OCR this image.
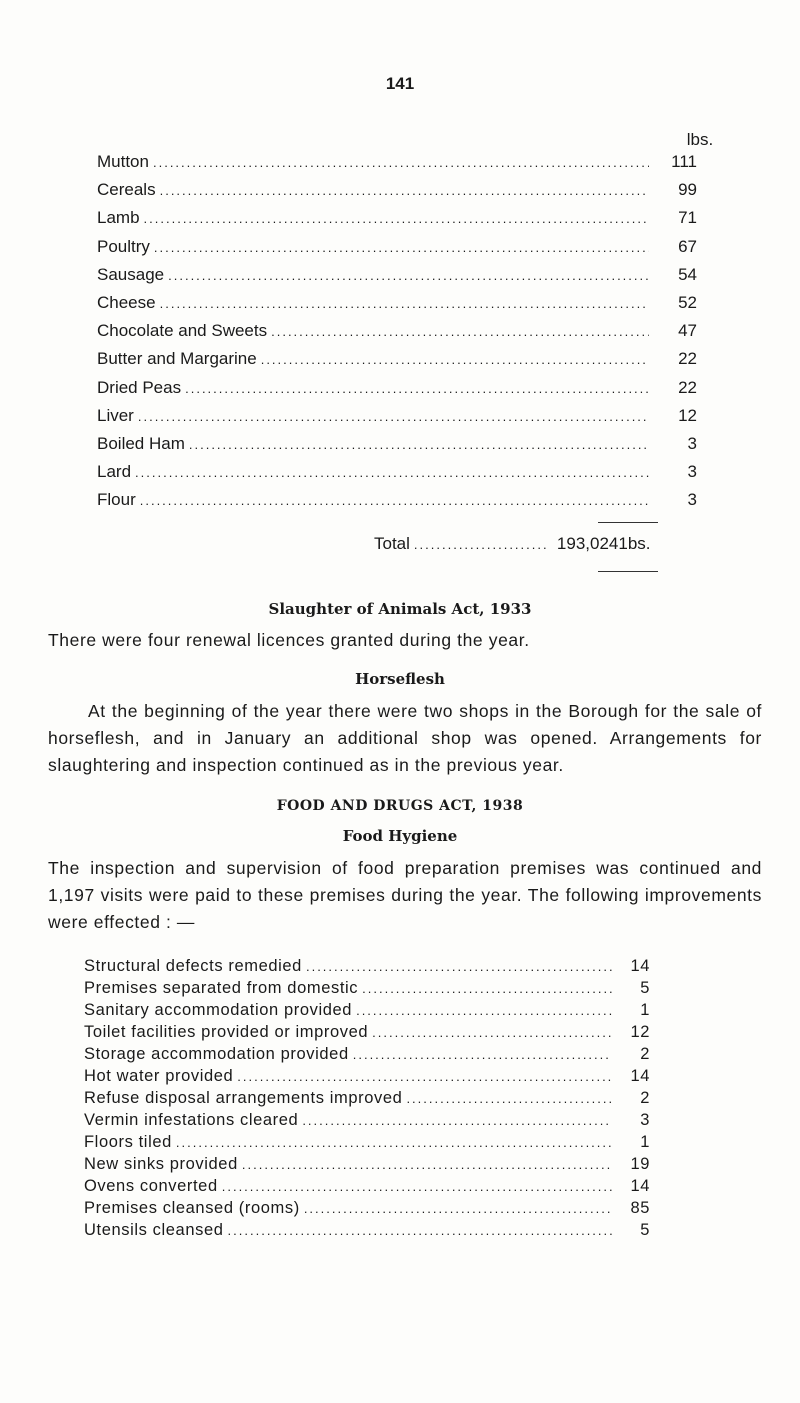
141
lbs.
Mutton .....	111
Cereals .....	99
Lamb .....	71
Poultry .....	67
Sausage .....	54
Cheese .....	52
Chocolate and Sweets .....	47
Butter and Margarine .....	22
Dried Peas .....	22
Liver .....	12
Boiled Ham .....	3
Lard .....	3
Flour .....	3
Total .....	193,0241bs.
Slaughter of Animals Act, 1933
There were four renewal licences granted during the year.
Horseflesh
At the beginning of the year there were two shops in the Borough for the sale of horseflesh, and in January an additional shop was opened. Arrangements for slaughtering and inspection continued as in the previous year.
FOOD AND DRUGS ACT, 1938
Food Hygiene
The inspection and supervision of food preparation premises was continued and 1,197 visits were paid to these premises during the year. The following improvements were effected : —
Structural defects remedied .....	14
Premises separated from domestic .....	5
Sanitary accommodation provided .....	1
Toilet facilities provided or improved .....	12
Storage accommodation provided .....	2
Hot water provided .....	14
Refuse disposal arrangements improved .....	2
Vermin infestations cleared .....	3
Floors tiled .....	1
New sinks provided .....	19
Ovens converted .....	14
Premises cleansed (rooms) .....	85
Utensils cleansed .....	5
